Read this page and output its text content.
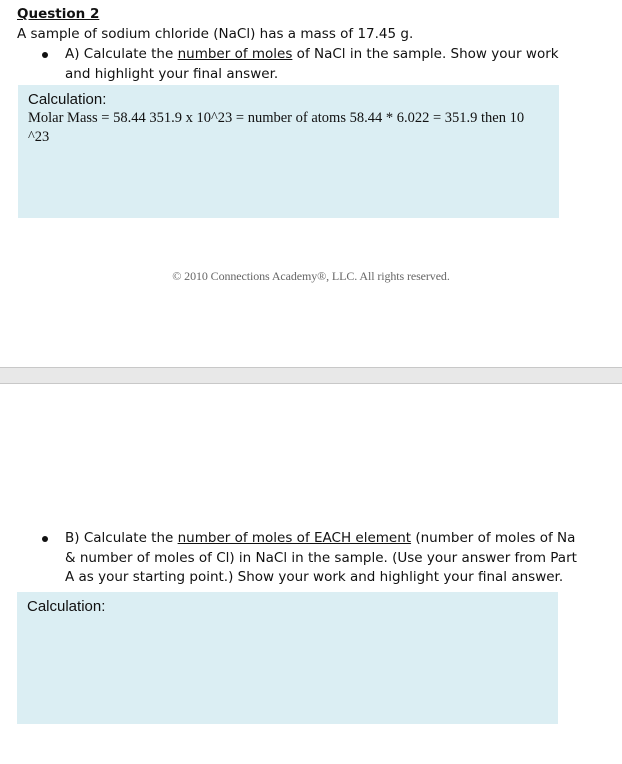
Question 2
A sample of sodium chloride (NaCl) has a mass of 17.45 g.
A) Calculate the number of moles of NaCl in the sample. Show your work and highlight your final answer.
Calculation:
Molar Mass = 58.44 351.9 x 10^23 = number of atoms 58.44 * 6.022 = 351.9 then 10 ^23
© 2010 Connections Academy®, LLC. All rights reserved.
B) Calculate the number of moles of EACH element (number of moles of Na & number of moles of Cl) in NaCl in the sample. (Use your answer from Part A as your starting point.) Show your work and highlight your final answer.
Calculation:
